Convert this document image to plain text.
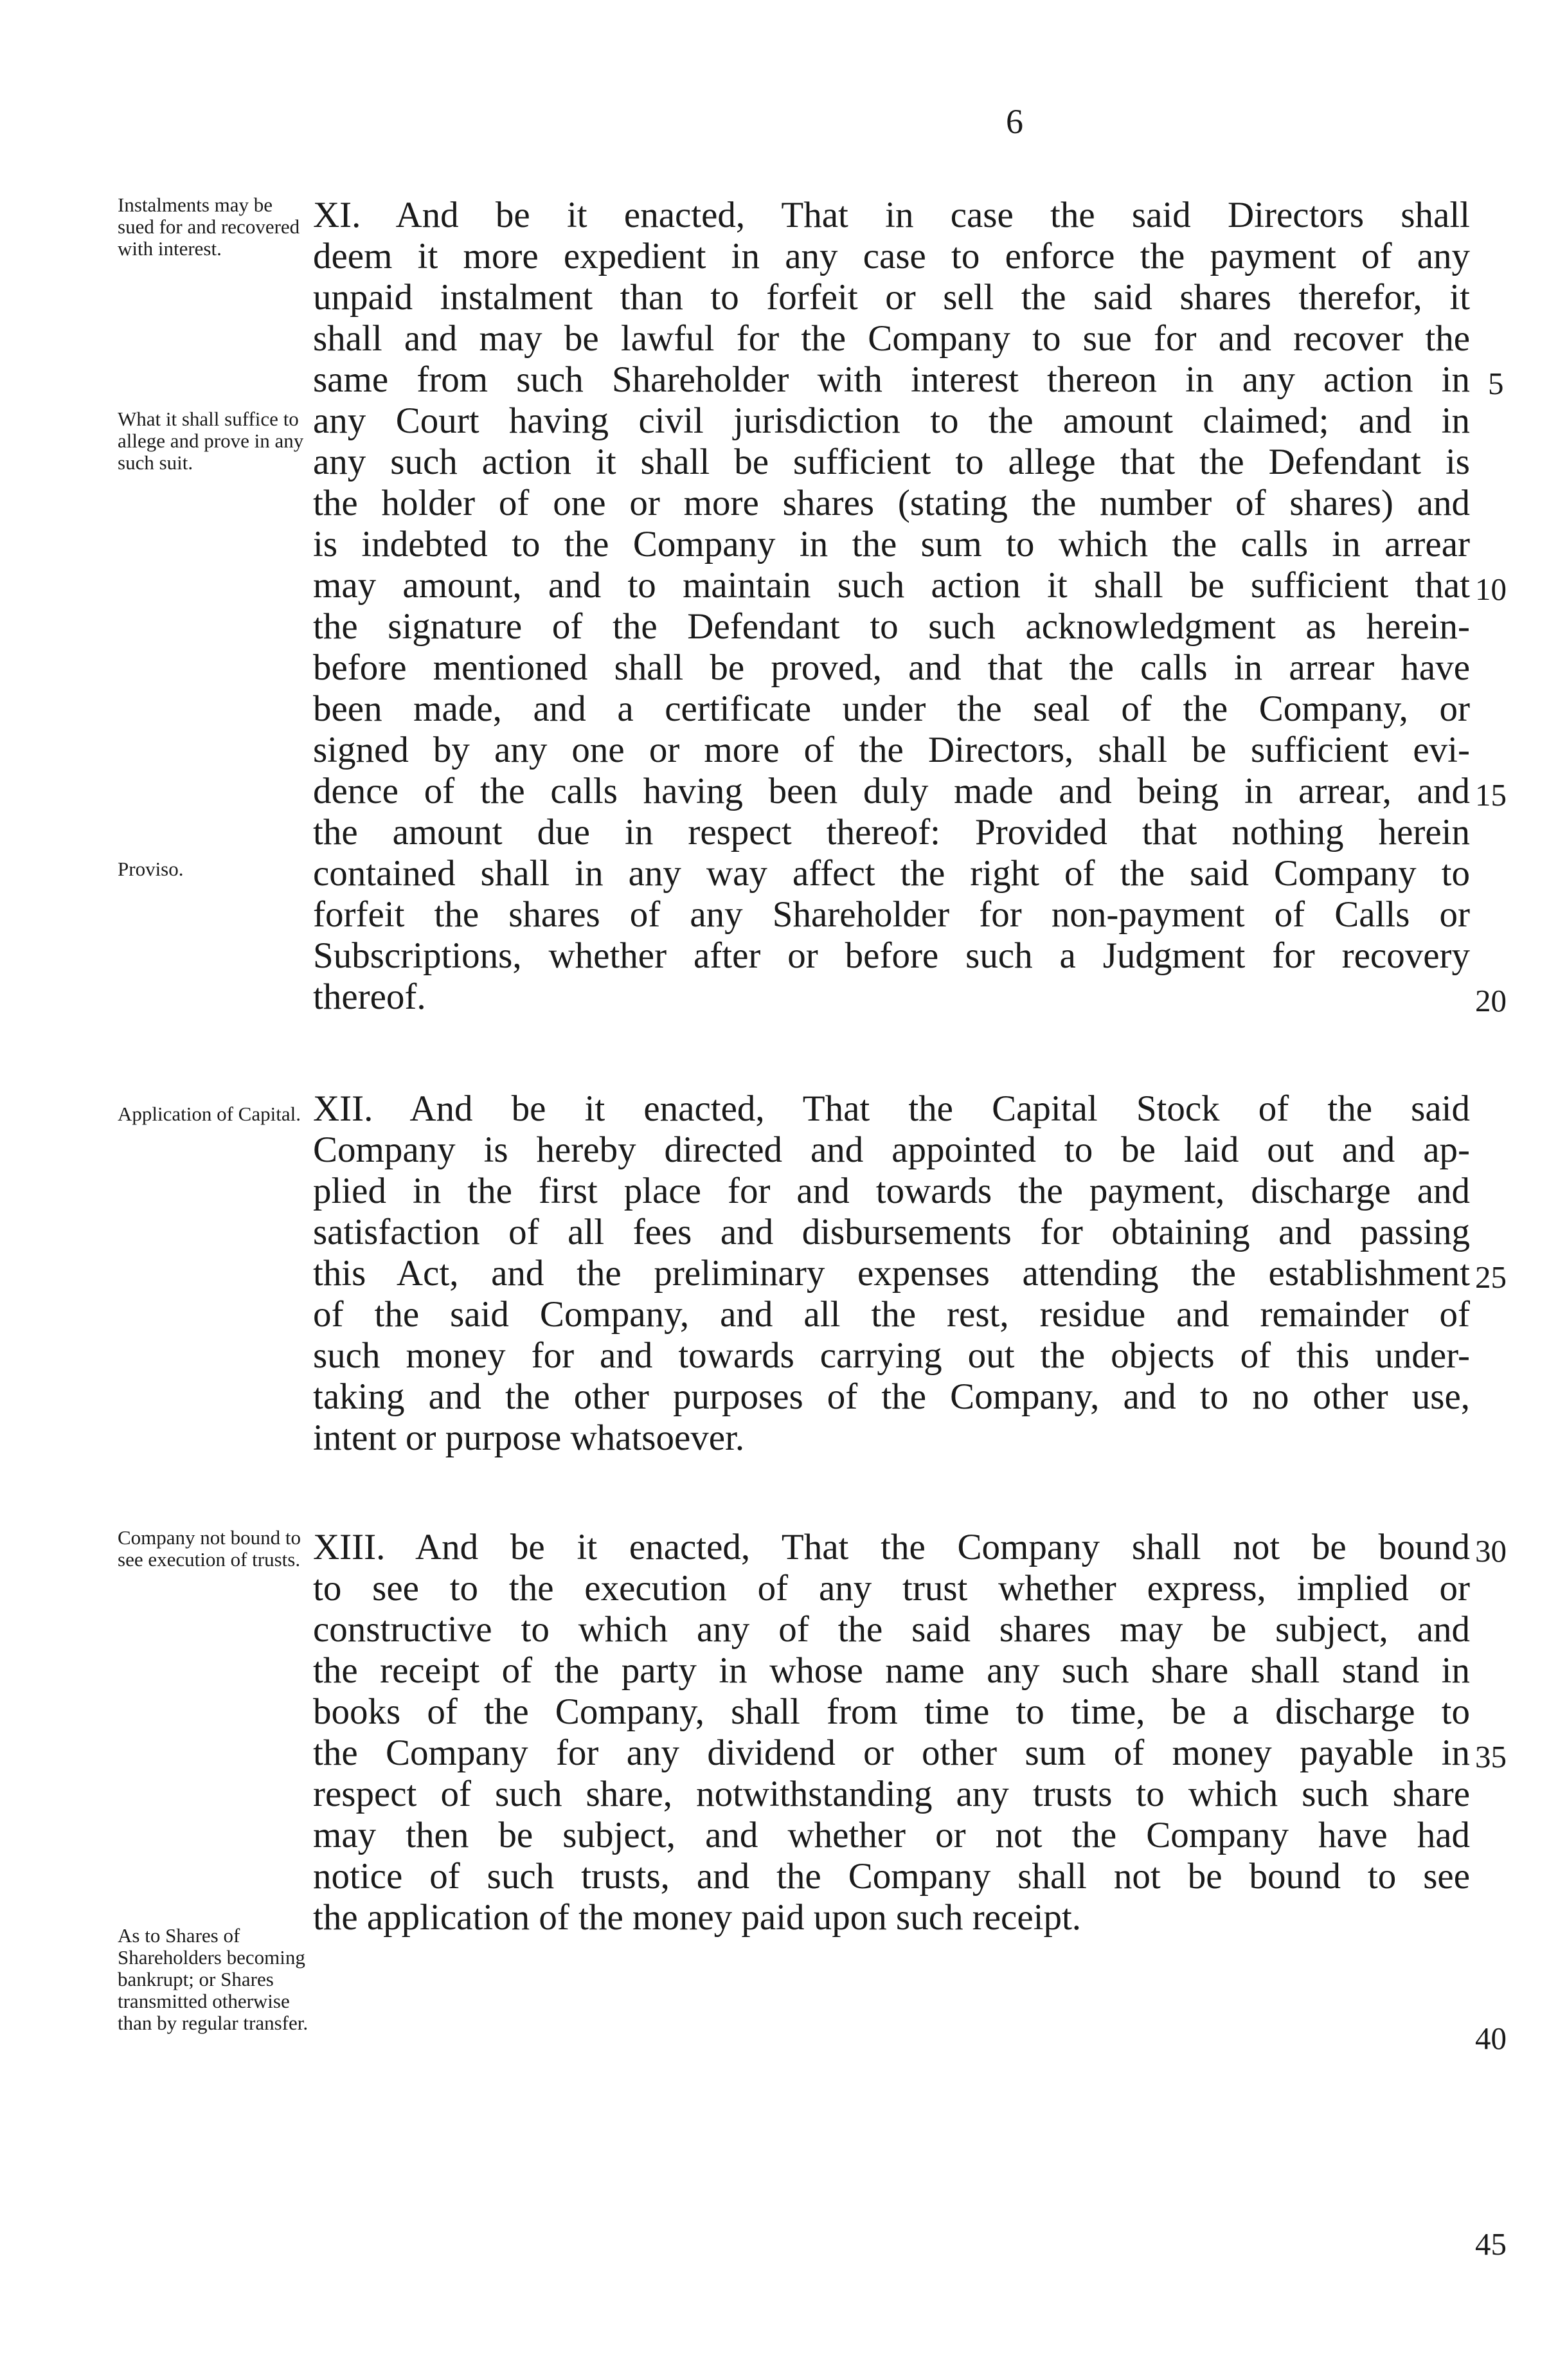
6
Instalments may be sued for and recovered with interest.
What it shall suffice to allege and prove in any such suit.
Proviso.
Application of Capital.
Company not bound to see execution of trusts.
As to Shares of Shareholders becoming bankrupt; or Shares transmitted otherwise than by regular transfer.
XI. And be it enacted, That in case the said Directors shall
deem it more expedient in any case to enforce the payment of any
unpaid instalment than to forfeit or sell the said shares therefor, it
shall and may be lawful for the Company to sue for and recover the
same from such Shareholder with interest thereon in any action in
any Court having civil jurisdiction to the amount claimed; and in
any such action it shall be sufficient to allege that the Defendant is
the holder of one or more shares (stating the number of shares) and
is indebted to the Company in the sum to which the calls in arrear
may amount, and to maintain such action it shall be sufficient that
the signature of the Defendant to such acknowledgment as herein-
before mentioned shall be proved, and that the calls in arrear have
been made, and a certificate under the seal of the Company, or
signed by any one or more of the Directors, shall be sufficient evi-
dence of the calls having been duly made and being in arrear, and
the amount due in respect thereof: Provided that nothing herein
contained shall in any way affect the right of the said Company to
forfeit the shares of any Shareholder for non-payment of Calls or
Subscriptions, whether after or before such a Judgment for recovery
thereof.
XII. And be it enacted, That the Capital Stock of the said
Company is hereby directed and appointed to be laid out and ap-
plied in the first place for and towards the payment, discharge and
satisfaction of all fees and disbursements for obtaining and passing
this Act, and the preliminary expenses attending the establishment
of the said Company, and all the rest, residue and remainder of
such money for and towards carrying out the objects of this under-
taking and the other purposes of the Company, and to no other use,
intent or purpose whatsoever.
XIII. And be it enacted, That the Company shall not be bound
to see to the execution of any trust whether express, implied or
constructive to which any of the said shares may be subject, and
the receipt of the party in whose name any such share shall stand in
books of the Company, shall from time to time, be a discharge to
the Company for any dividend or other sum of money payable in
respect of such share, notwithstanding any trusts to which such share
may then be subject, and whether or not the Company have had
notice of such trusts, and the Company shall not be bound to see
the application of the money paid upon such receipt.
5
10
15
20
25
30
35
40
45
